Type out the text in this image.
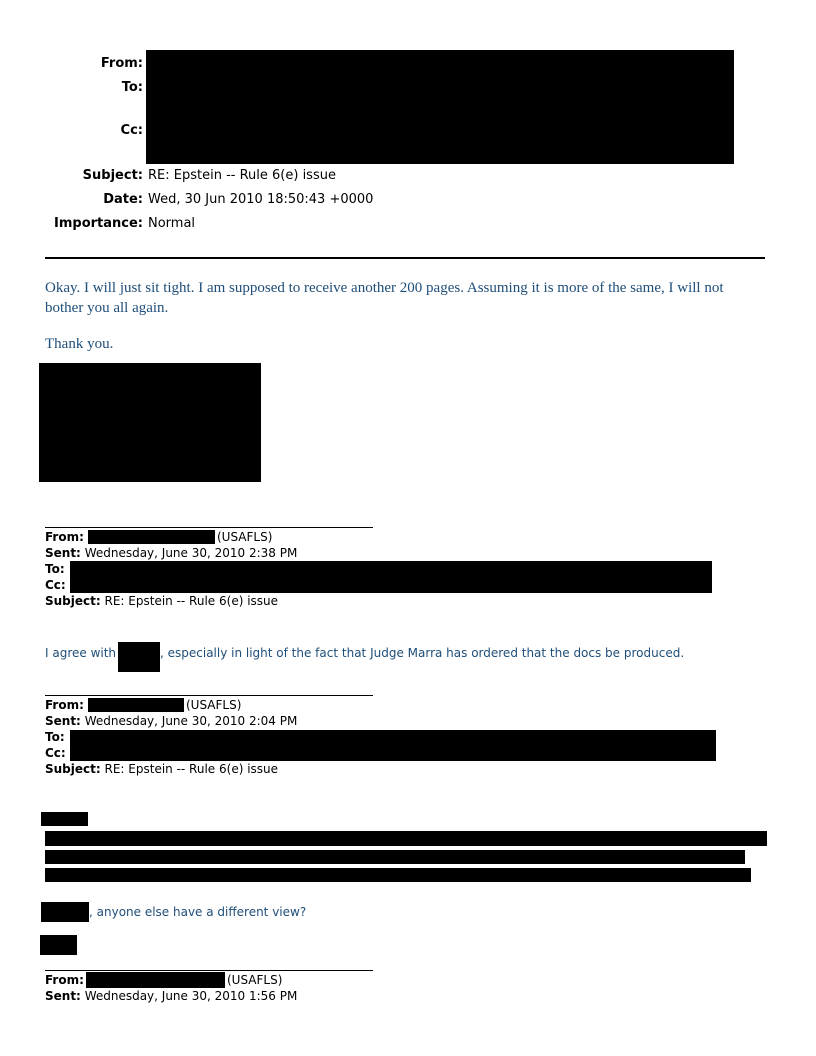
From:
To:
Cc:
Subject: RE: Epstein -- Rule 6(e) issue
Date: Wed, 30 Jun 2010 18:50:43 +0000
Importance: Normal
Okay. I will just sit tight. I am supposed to receive another 200 pages. Assuming it is more of the same, I will not bother you all again.
Thank you.
From:	(USAFLS)
Sent: Wednesday, June 30, 2010 2:38 PM
To:
Cc:
Subject: RE: Epstein -- Rule 6(e) issue
I agree with	, especially in light of the fact that Judge Marra has ordered that the docs be produced.
From:	(USAFLS)
Sent: Wednesday, June 30, 2010 2:04 PM
To:
Cc:
Subject: RE: Epstein -- Rule 6(e) issue
, anyone else have a different view?
From:	(USAFLS)
Sent: Wednesday, June 30, 2010 1:56 PM
